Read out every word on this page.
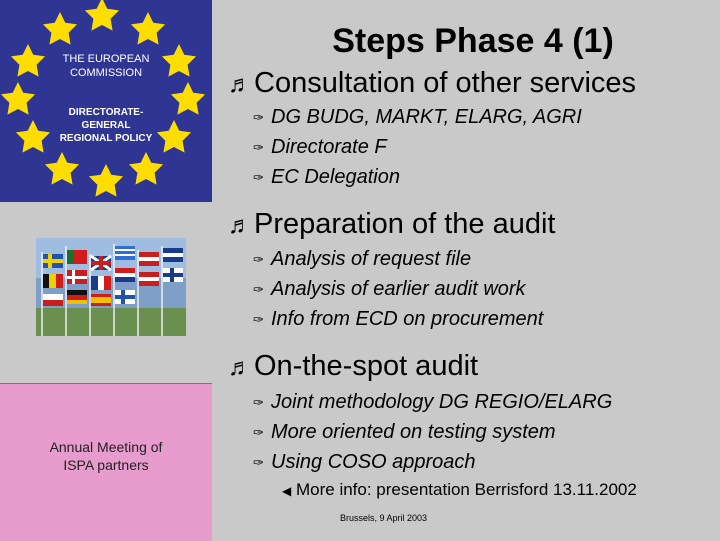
THE EUROPEAN
COMMISSION
DIRECTORATE-
GENERAL
REGIONAL POLICY
Annual Meeting of
ISPA partners
Steps Phase 4 (1)
♬Consultation of other services
✑ DG BUDG, MARKT, ELARG, AGRI
✑ Directorate F
✑ EC Delegation
♬Preparation of the audit
✑ Analysis of request file
✑ Analysis of earlier audit work
✑ Info from ECD on procurement
♬On-the-spot audit
✑ Joint methodology DG REGIO/ELARG
✑ More oriented on testing system
✑ Using COSO approach
◀ More info: presentation Berrisford 13.11.2002
Brussels, 9 April 2003
